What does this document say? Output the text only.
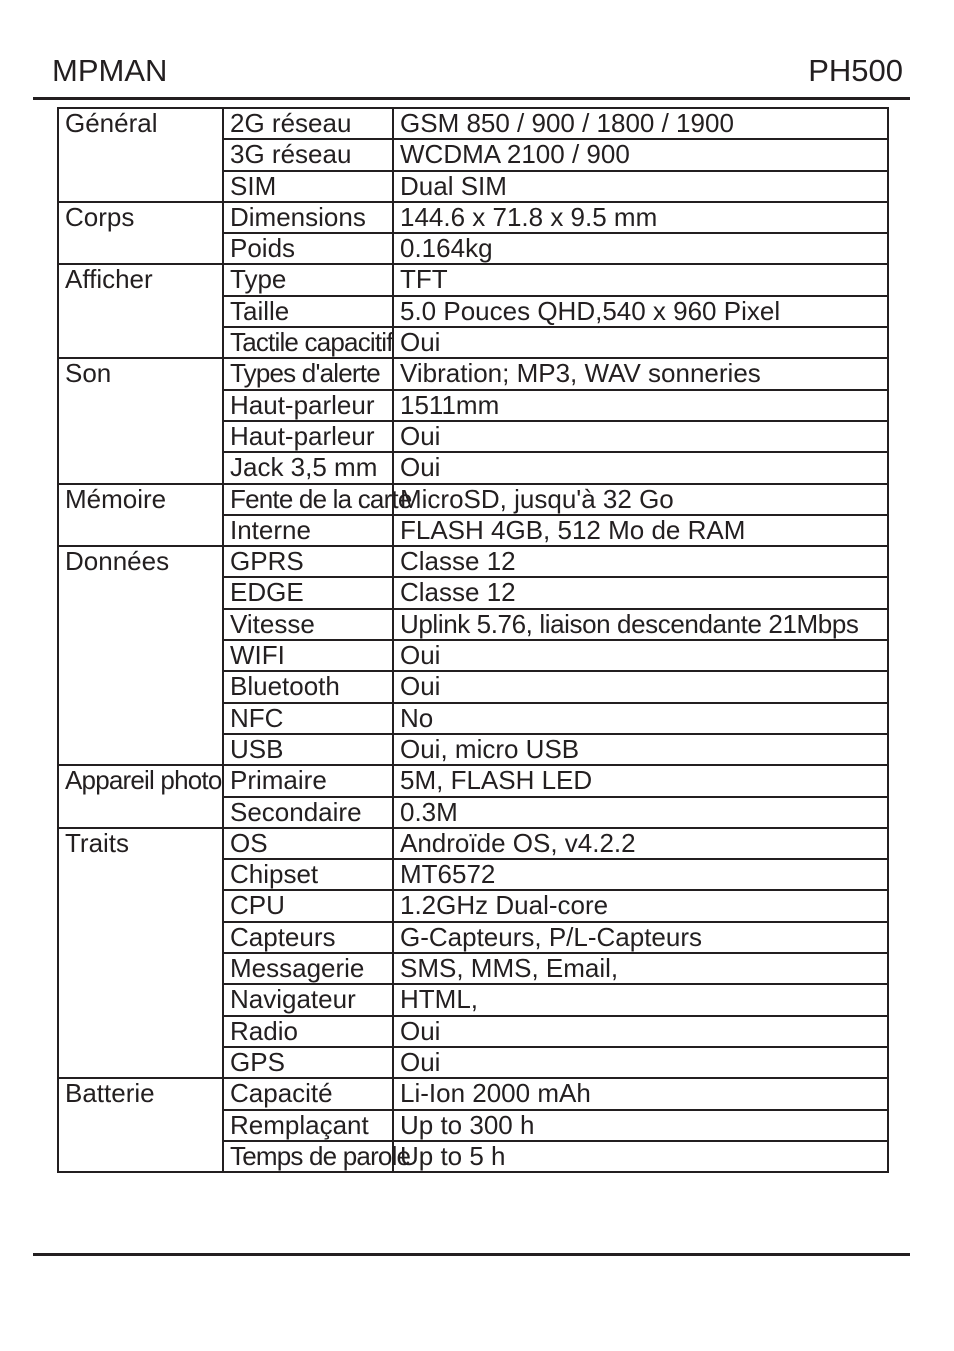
MPMAN	PH500
Général	2G réseau	GSM 850 / 900 / 1800 / 1900
	3G réseau	WCDMA 2100 / 900
	SIM	Dual SIM
Corps	Dimensions	144.6 x 71.8 x 9.5 mm
	Poids	0.164kg
Afficher	Type	TFT
	Taille	5.0 Pouces QHD,540 x 960 Pixel
	Tactile capacitif	Oui
Son	Types d'alerte	Vibration; MP3, WAV sonneries
	Haut-parleur	1511mm
	Haut-parleur	Oui
	Jack 3,5 mm	Oui
Mémoire	Fente de la carte	MicroSD, jusqu'à 32 Go
	Interne	FLASH 4GB, 512 Mo de RAM
Données	GPRS	Classe 12
	EDGE	Classe 12
	Vitesse	Uplink 5.76, liaison descendante 21Mbps
	WIFI	Oui
	Bluetooth	Oui
	NFC	No
	USB	Oui, micro USB
Appareil photo	Primaire	5M, FLASH LED
	Secondaire	0.3M
Traits	OS	Androïde OS, v4.2.2
	Chipset	MT6572
	CPU	1.2GHz Dual-core
	Capteurs	G-Capteurs, P/L-Capteurs
	Messagerie	SMS, MMS, Email,
	Navigateur	HTML,
	Radio	Oui
	GPS	Oui
Batterie	Capacité	Li-Ion 2000 mAh
	Remplaçant	Up to 300 h
	Temps de parole	Up to 5 h
